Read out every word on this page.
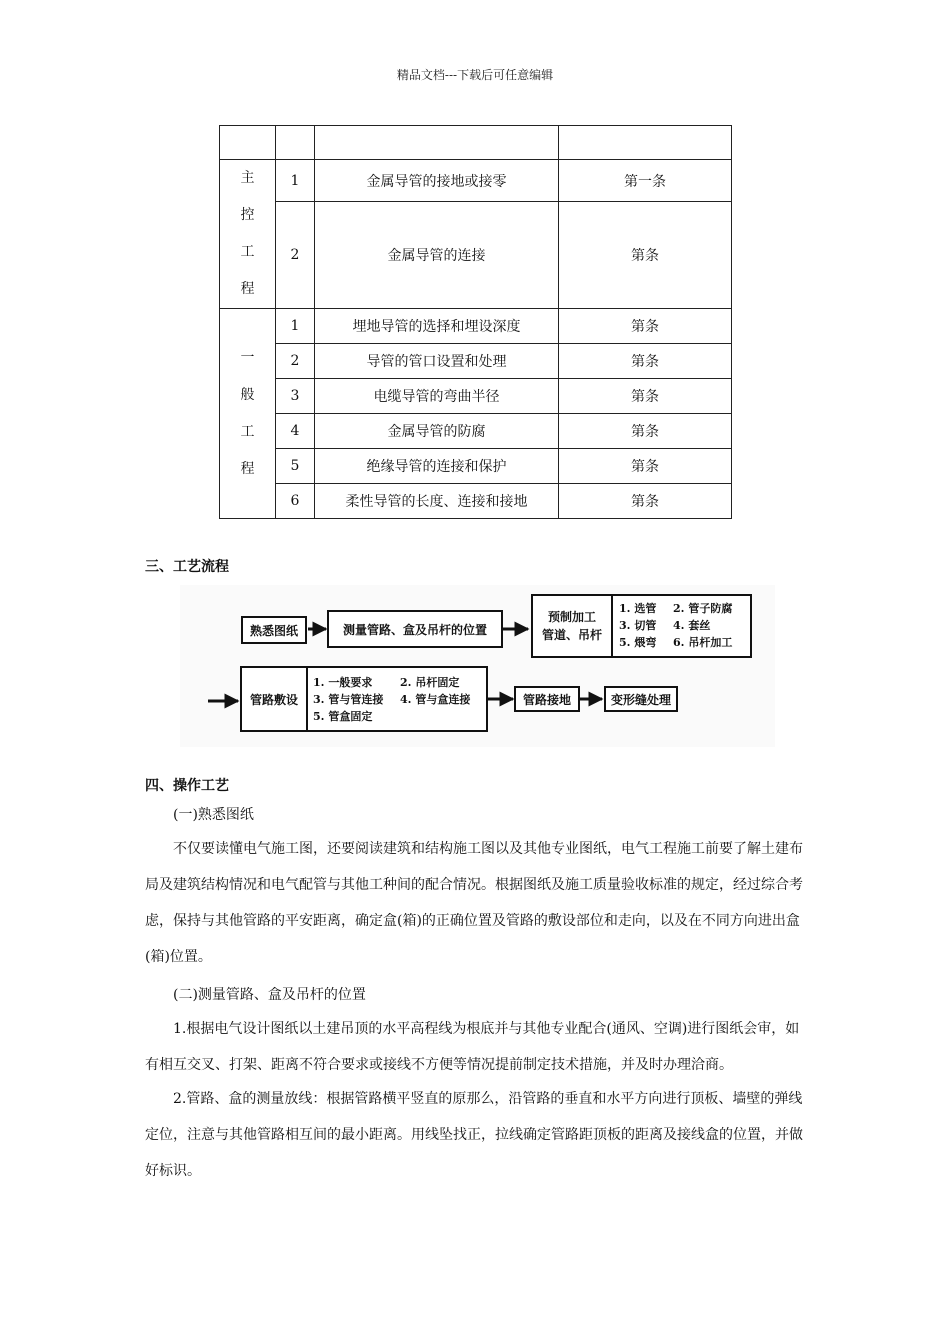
精品文档---下载后可任意编辑

主
控
工
程	1	金属导管的接地或接零	第一条
	2	金属导管的连接	第条

一
般
工
程	1	埋地导管的选择和埋设深度	第条
	2	导管的管口设置和处理	第条
	3	电缆导管的弯曲半径	第条
	4	金属导管的防腐	第条
	5	绝缘导管的连接和保护	第条
	6	柔性导管的长度、连接和接地	第条
三、工艺流程
熟悉图纸	测量管路、盒及吊杆的位置
预制加工
管道、吊杆
1. 选管
3. 切管
5. 煨弯
2. 管子防腐
4. 套丝
6. 吊杆加工
管路敷设
1. 一般要求
3. 管与管连接
5. 管盒固定
2. 吊杆固定
4. 管与盒连接	管路接地	变形缝处理
四、操作工艺
(一)熟悉图纸

不仅要读懂电气施工图，还要阅读建筑和结构施工图以及其他专业图纸，电气工程施工前要了解土建布局及建筑结构情况和电气配管与其他工种间的配合情况。根据图纸及施工质量验收标准的规定，经过综合考虑，保持与其他管路的平安距离，确定盒(箱)的正确位置及管路的敷设部位和走向，以及在不同方向进出盒(箱)位置。

(二)测量管路、盒及吊杆的位置

1.根据电气设计图纸以土建吊顶的水平高程线为根底并与其他专业配合(通风、空调)进行图纸会审，如有相互交叉、打架、距离不符合要求或接线不方便等情况提前制定技术措施，并及时办理洽商。

2.管路、盒的测量放线：根据管路横平竖直的原那么，沿管路的垂直和水平方向进行顶板、墙壁的弹线定位，注意与其他管路相互间的最小距离。用线坠找正，拉线确定管路距顶板的距离及接线盒的位置，并做好标识。
